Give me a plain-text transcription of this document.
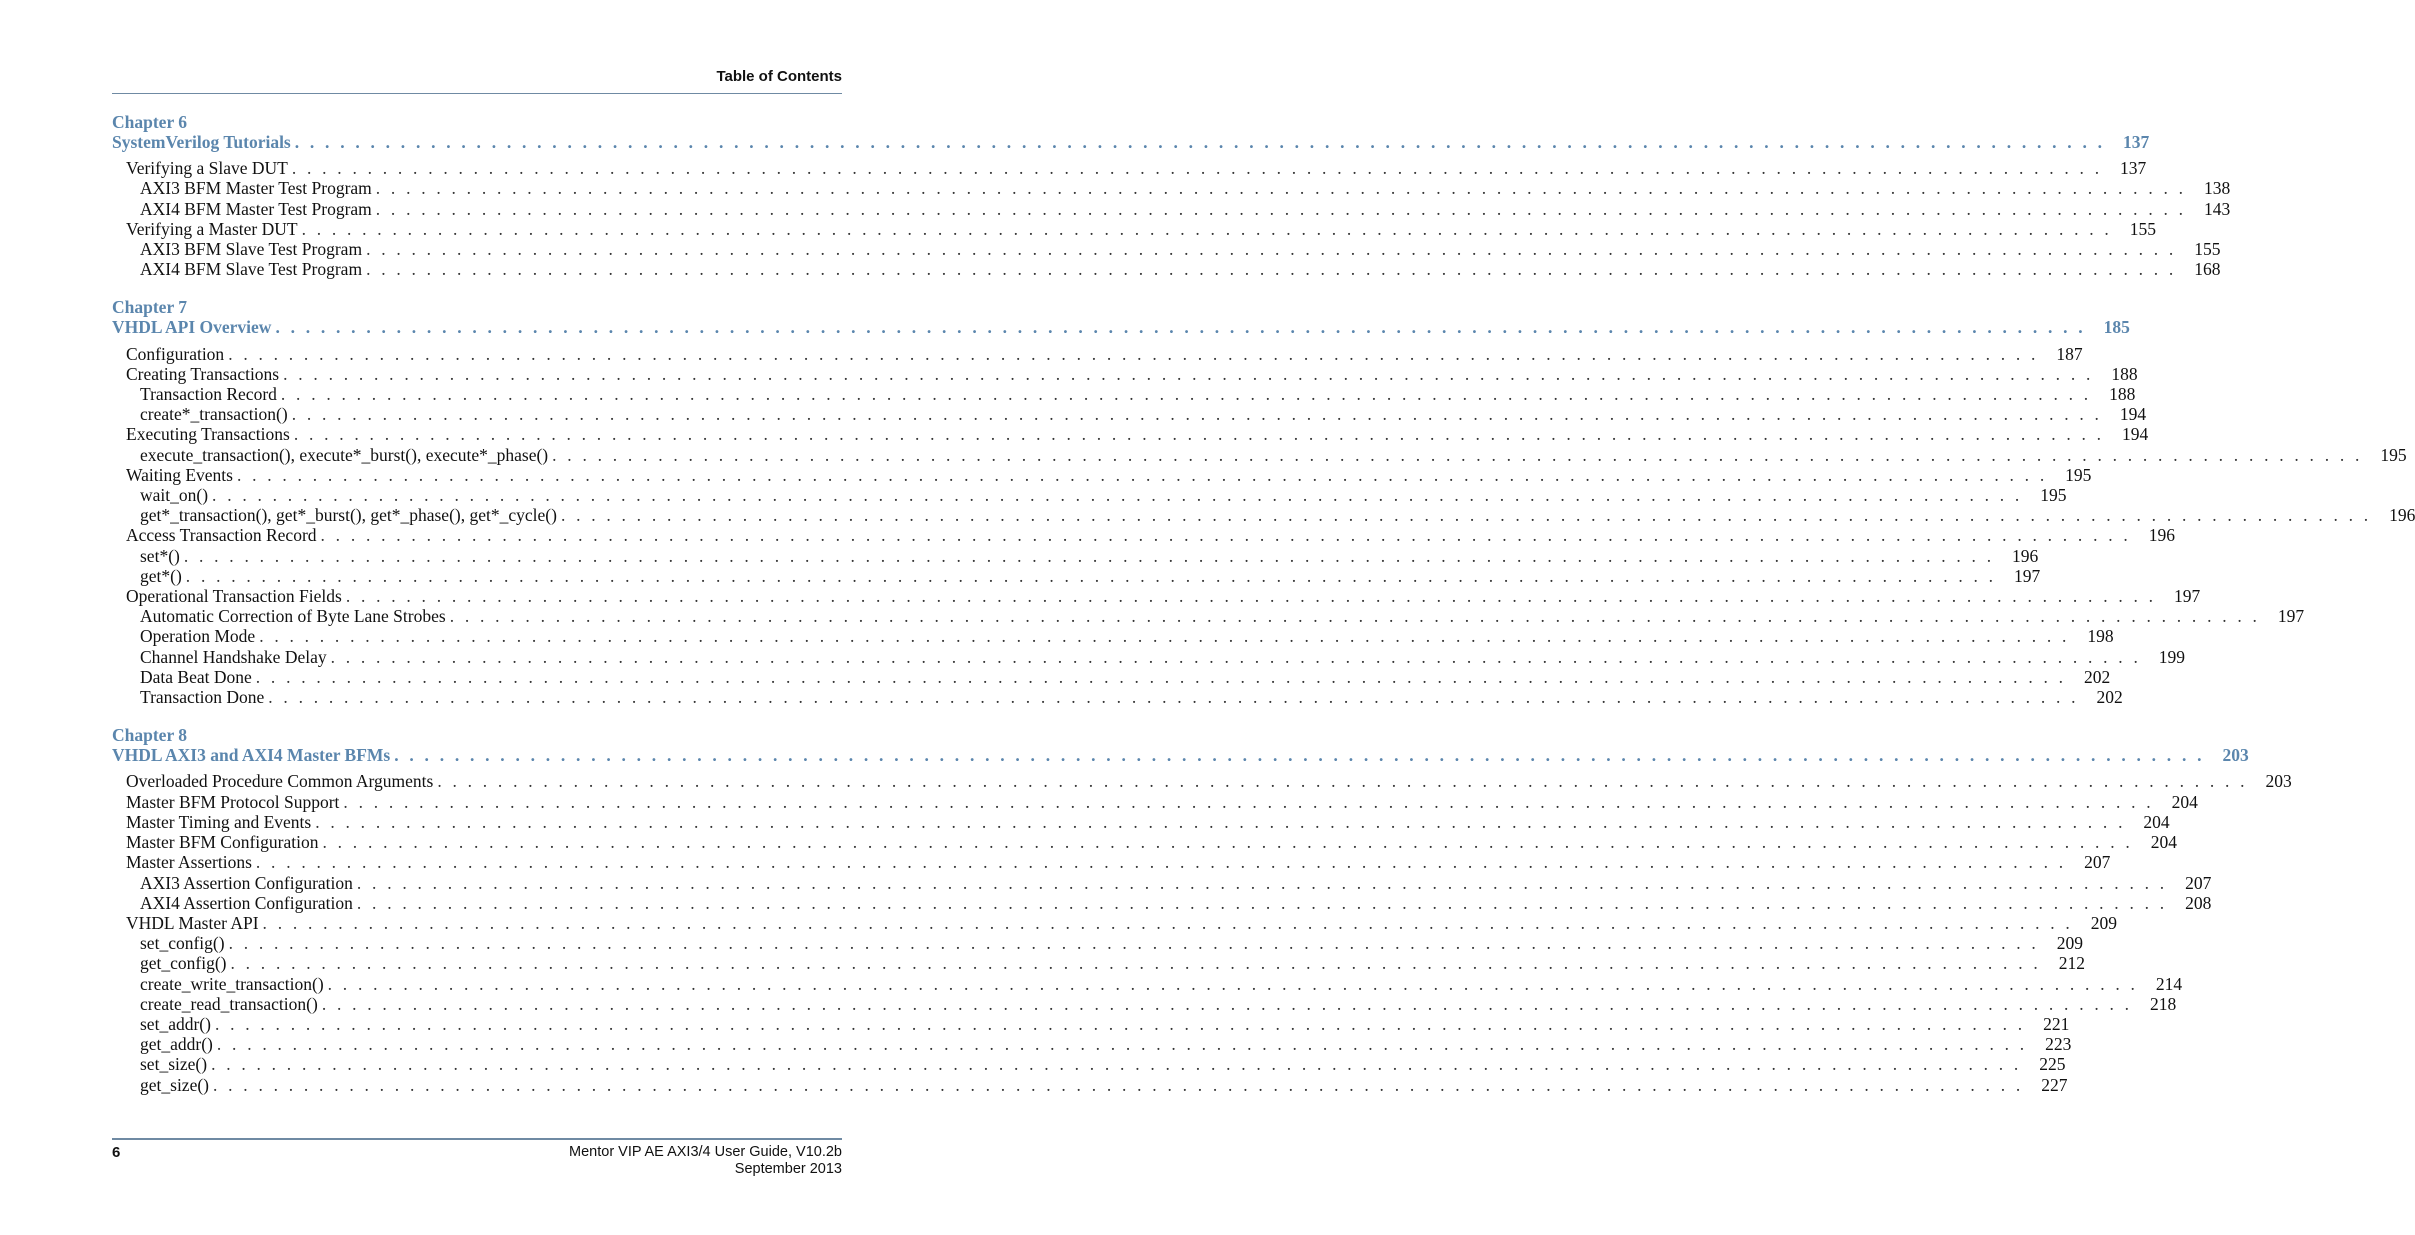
Table of Contents
Chapter 6
SystemVerilog Tutorials . . . . . . . . . . . . . . . . . . . . . . . . . . . . . . . . . . . . . . . . . . . . . . . . . . . . . . . . . . . . . . . . . . . . . . . . . . . . . . . . . . . . . . . . . . . . . . . . . . . . . . . . . . . . . . . . . . . . . . . .	137
Verifying a Slave DUT . . . . . . . . . . . . . . . . . . . . . . . . . . . . . . . . . . . . . . . . . . . . . . . . . . . . . . . . . . . . . . . . . . . . . . . . . . . . . . . . . . . . . . . . . . . . . . . . . . . . . . . . . . . . . . . . . . . . . . . .	137
AXI3 BFM Master Test Program . . . . . . . . . . . . . . . . . . . . . . . . . . . . . . . . . . . . . . . . . . . . . . . . . . . . . . . . . . . . . . . . . . . . . . . . . . . . . . . . . . . . . . . . . . . . . . . . . . . . . . . . . . . . . . . . . . . . . . . .	138
AXI4 BFM Master Test Program . . . . . . . . . . . . . . . . . . . . . . . . . . . . . . . . . . . . . . . . . . . . . . . . . . . . . . . . . . . . . . . . . . . . . . . . . . . . . . . . . . . . . . . . . . . . . . . . . . . . . . . . . . . . . . . . . . . . . . . .	143
Verifying a Master DUT . . . . . . . . . . . . . . . . . . . . . . . . . . . . . . . . . . . . . . . . . . . . . . . . . . . . . . . . . . . . . . . . . . . . . . . . . . . . . . . . . . . . . . . . . . . . . . . . . . . . . . . . . . . . . . . . . . . . . . . .	155
AXI3 BFM Slave Test Program . . . . . . . . . . . . . . . . . . . . . . . . . . . . . . . . . . . . . . . . . . . . . . . . . . . . . . . . . . . . . . . . . . . . . . . . . . . . . . . . . . . . . . . . . . . . . . . . . . . . . . . . . . . . . . . . . . . . . . . .	155
AXI4 BFM Slave Test Program . . . . . . . . . . . . . . . . . . . . . . . . . . . . . . . . . . . . . . . . . . . . . . . . . . . . . . . . . . . . . . . . . . . . . . . . . . . . . . . . . . . . . . . . . . . . . . . . . . . . . . . . . . . . . . . . . . . . . . . .	168
Chapter 7
VHDL API Overview . . . . . . . . . . . . . . . . . . . . . . . . . . . . . . . . . . . . . . . . . . . . . . . . . . . . . . . . . . . . . . . . . . . . . . . . . . . . . . . . . . . . . . . . . . . . . . . . . . . . . . . . . . . . . . . . . . . . . . . .	185
Configuration . . . . . . . . . . . . . . . . . . . . . . . . . . . . . . . . . . . . . . . . . . . . . . . . . . . . . . . . . . . . . . . . . . . . . . . . . . . . . . . . . . . . . . . . . . . . . . . . . . . . . . . . . . . . . . . . . . . . . . . .	187
Creating Transactions . . . . . . . . . . . . . . . . . . . . . . . . . . . . . . . . . . . . . . . . . . . . . . . . . . . . . . . . . . . . . . . . . . . . . . . . . . . . . . . . . . . . . . . . . . . . . . . . . . . . . . . . . . . . . . . . . . . . . . . .	188
Transaction Record . . . . . . . . . . . . . . . . . . . . . . . . . . . . . . . . . . . . . . . . . . . . . . . . . . . . . . . . . . . . . . . . . . . . . . . . . . . . . . . . . . . . . . . . . . . . . . . . . . . . . . . . . . . . . . . . . . . . . . . .	188
create*_transaction() . . . . . . . . . . . . . . . . . . . . . . . . . . . . . . . . . . . . . . . . . . . . . . . . . . . . . . . . . . . . . . . . . . . . . . . . . . . . . . . . . . . . . . . . . . . . . . . . . . . . . . . . . . . . . . . . . . . . . . . .	194
Executing Transactions . . . . . . . . . . . . . . . . . . . . . . . . . . . . . . . . . . . . . . . . . . . . . . . . . . . . . . . . . . . . . . . . . . . . . . . . . . . . . . . . . . . . . . . . . . . . . . . . . . . . . . . . . . . . . . . . . . . . . . . .	194
execute_transaction(), execute*_burst(), execute*_phase() . . . . . . . . . . . . . . . . . . . . . . . . . . . . . . . . . . . . . . . . . . . . . . . . . . . . . . . . . . . . . . . . . . . . . . . . . . . . . . . . . . . . . . . . . . . . . . . . . . . . . . . . . . . . . . . . . . . . . . . .	195
Waiting Events . . . . . . . . . . . . . . . . . . . . . . . . . . . . . . . . . . . . . . . . . . . . . . . . . . . . . . . . . . . . . . . . . . . . . . . . . . . . . . . . . . . . . . . . . . . . . . . . . . . . . . . . . . . . . . . . . . . . . . . .	195
wait_on() . . . . . . . . . . . . . . . . . . . . . . . . . . . . . . . . . . . . . . . . . . . . . . . . . . . . . . . . . . . . . . . . . . . . . . . . . . . . . . . . . . . . . . . . . . . . . . . . . . . . . . . . . . . . . . . . . . . . . . . .	195
get*_transaction(), get*_burst(), get*_phase(), get*_cycle() . . . . . . . . . . . . . . . . . . . . . . . . . . . . . . . . . . . . . . . . . . . . . . . . . . . . . . . . . . . . . . . . . . . . . . . . . . . . . . . . . . . . . . . . . . . . . . . . . . . . . . . . . . . . . . . . . . . . . . . .	196
Access Transaction Record . . . . . . . . . . . . . . . . . . . . . . . . . . . . . . . . . . . . . . . . . . . . . . . . . . . . . . . . . . . . . . . . . . . . . . . . . . . . . . . . . . . . . . . . . . . . . . . . . . . . . . . . . . . . . . . . . . . . . . . .	196
set*() . . . . . . . . . . . . . . . . . . . . . . . . . . . . . . . . . . . . . . . . . . . . . . . . . . . . . . . . . . . . . . . . . . . . . . . . . . . . . . . . . . . . . . . . . . . . . . . . . . . . . . . . . . . . . . . . . . . . . . . .	196
get*() . . . . . . . . . . . . . . . . . . . . . . . . . . . . . . . . . . . . . . . . . . . . . . . . . . . . . . . . . . . . . . . . . . . . . . . . . . . . . . . . . . . . . . . . . . . . . . . . . . . . . . . . . . . . . . . . . . . . . . . .	197
Operational Transaction Fields . . . . . . . . . . . . . . . . . . . . . . . . . . . . . . . . . . . . . . . . . . . . . . . . . . . . . . . . . . . . . . . . . . . . . . . . . . . . . . . . . . . . . . . . . . . . . . . . . . . . . . . . . . . . . . . . . . . . . . . .	197
Automatic Correction of Byte Lane Strobes . . . . . . . . . . . . . . . . . . . . . . . . . . . . . . . . . . . . . . . . . . . . . . . . . . . . . . . . . . . . . . . . . . . . . . . . . . . . . . . . . . . . . . . . . . . . . . . . . . . . . . . . . . . . . . . . . . . . . . . .	197
Operation Mode . . . . . . . . . . . . . . . . . . . . . . . . . . . . . . . . . . . . . . . . . . . . . . . . . . . . . . . . . . . . . . . . . . . . . . . . . . . . . . . . . . . . . . . . . . . . . . . . . . . . . . . . . . . . . . . . . . . . . . . .	198
Channel Handshake Delay . . . . . . . . . . . . . . . . . . . . . . . . . . . . . . . . . . . . . . . . . . . . . . . . . . . . . . . . . . . . . . . . . . . . . . . . . . . . . . . . . . . . . . . . . . . . . . . . . . . . . . . . . . . . . . . . . . . . . . . .	199
Data Beat Done . . . . . . . . . . . . . . . . . . . . . . . . . . . . . . . . . . . . . . . . . . . . . . . . . . . . . . . . . . . . . . . . . . . . . . . . . . . . . . . . . . . . . . . . . . . . . . . . . . . . . . . . . . . . . . . . . . . . . . . .	202
Transaction Done . . . . . . . . . . . . . . . . . . . . . . . . . . . . . . . . . . . . . . . . . . . . . . . . . . . . . . . . . . . . . . . . . . . . . . . . . . . . . . . . . . . . . . . . . . . . . . . . . . . . . . . . . . . . . . . . . . . . . . . .	202
Chapter 8
VHDL AXI3 and AXI4 Master BFMs . . . . . . . . . . . . . . . . . . . . . . . . . . . . . . . . . . . . . . . . . . . . . . . . . . . . . . . . . . . . . . . . . . . . . . . . . . . . . . . . . . . . . . . . . . . . . . . . . . . . . . . . . . . . . . . . . . . . . . . .	203
Overloaded Procedure Common Arguments . . . . . . . . . . . . . . . . . . . . . . . . . . . . . . . . . . . . . . . . . . . . . . . . . . . . . . . . . . . . . . . . . . . . . . . . . . . . . . . . . . . . . . . . . . . . . . . . . . . . . . . . . . . . . . . . . . . . . . . .	203
Master BFM Protocol Support . . . . . . . . . . . . . . . . . . . . . . . . . . . . . . . . . . . . . . . . . . . . . . . . . . . . . . . . . . . . . . . . . . . . . . . . . . . . . . . . . . . . . . . . . . . . . . . . . . . . . . . . . . . . . . . . . . . . . . . .	204
Master Timing and Events . . . . . . . . . . . . . . . . . . . . . . . . . . . . . . . . . . . . . . . . . . . . . . . . . . . . . . . . . . . . . . . . . . . . . . . . . . . . . . . . . . . . . . . . . . . . . . . . . . . . . . . . . . . . . . . . . . . . . . . .	204
Master BFM Configuration . . . . . . . . . . . . . . . . . . . . . . . . . . . . . . . . . . . . . . . . . . . . . . . . . . . . . . . . . . . . . . . . . . . . . . . . . . . . . . . . . . . . . . . . . . . . . . . . . . . . . . . . . . . . . . . . . . . . . . . .	204
Master Assertions . . . . . . . . . . . . . . . . . . . . . . . . . . . . . . . . . . . . . . . . . . . . . . . . . . . . . . . . . . . . . . . . . . . . . . . . . . . . . . . . . . . . . . . . . . . . . . . . . . . . . . . . . . . . . . . . . . . . . . . .	207
AXI3 Assertion Configuration . . . . . . . . . . . . . . . . . . . . . . . . . . . . . . . . . . . . . . . . . . . . . . . . . . . . . . . . . . . . . . . . . . . . . . . . . . . . . . . . . . . . . . . . . . . . . . . . . . . . . . . . . . . . . . . . . . . . . . . .	207
AXI4 Assertion Configuration . . . . . . . . . . . . . . . . . . . . . . . . . . . . . . . . . . . . . . . . . . . . . . . . . . . . . . . . . . . . . . . . . . . . . . . . . . . . . . . . . . . . . . . . . . . . . . . . . . . . . . . . . . . . . . . . . . . . . . . .	208
VHDL Master API . . . . . . . . . . . . . . . . . . . . . . . . . . . . . . . . . . . . . . . . . . . . . . . . . . . . . . . . . . . . . . . . . . . . . . . . . . . . . . . . . . . . . . . . . . . . . . . . . . . . . . . . . . . . . . . . . . . . . . . .	209
set_config() . . . . . . . . . . . . . . . . . . . . . . . . . . . . . . . . . . . . . . . . . . . . . . . . . . . . . . . . . . . . . . . . . . . . . . . . . . . . . . . . . . . . . . . . . . . . . . . . . . . . . . . . . . . . . . . . . . . . . . . .	209
get_config() . . . . . . . . . . . . . . . . . . . . . . . . . . . . . . . . . . . . . . . . . . . . . . . . . . . . . . . . . . . . . . . . . . . . . . . . . . . . . . . . . . . . . . . . . . . . . . . . . . . . . . . . . . . . . . . . . . . . . . . .	212
create_write_transaction() . . . . . . . . . . . . . . . . . . . . . . . . . . . . . . . . . . . . . . . . . . . . . . . . . . . . . . . . . . . . . . . . . . . . . . . . . . . . . . . . . . . . . . . . . . . . . . . . . . . . . . . . . . . . . . . . . . . . . . . .	214
create_read_transaction() . . . . . . . . . . . . . . . . . . . . . . . . . . . . . . . . . . . . . . . . . . . . . . . . . . . . . . . . . . . . . . . . . . . . . . . . . . . . . . . . . . . . . . . . . . . . . . . . . . . . . . . . . . . . . . . . . . . . . . . .	218
set_addr() . . . . . . . . . . . . . . . . . . . . . . . . . . . . . . . . . . . . . . . . . . . . . . . . . . . . . . . . . . . . . . . . . . . . . . . . . . . . . . . . . . . . . . . . . . . . . . . . . . . . . . . . . . . . . . . . . . . . . . . .	221
get_addr() . . . . . . . . . . . . . . . . . . . . . . . . . . . . . . . . . . . . . . . . . . . . . . . . . . . . . . . . . . . . . . . . . . . . . . . . . . . . . . . . . . . . . . . . . . . . . . . . . . . . . . . . . . . . . . . . . . . . . . . .	223
set_size() . . . . . . . . . . . . . . . . . . . . . . . . . . . . . . . . . . . . . . . . . . . . . . . . . . . . . . . . . . . . . . . . . . . . . . . . . . . . . . . . . . . . . . . . . . . . . . . . . . . . . . . . . . . . . . . . . . . . . . . .	225
get_size() . . . . . . . . . . . . . . . . . . . . . . . . . . . . . . . . . . . . . . . . . . . . . . . . . . . . . . . . . . . . . . . . . . . . . . . . . . . . . . . . . . . . . . . . . . . . . . . . . . . . . . . . . . . . . . . . . . . . . . . .	227
6	Mentor VIP AE AXI3/4 User Guide, V10.2b
September 2013
